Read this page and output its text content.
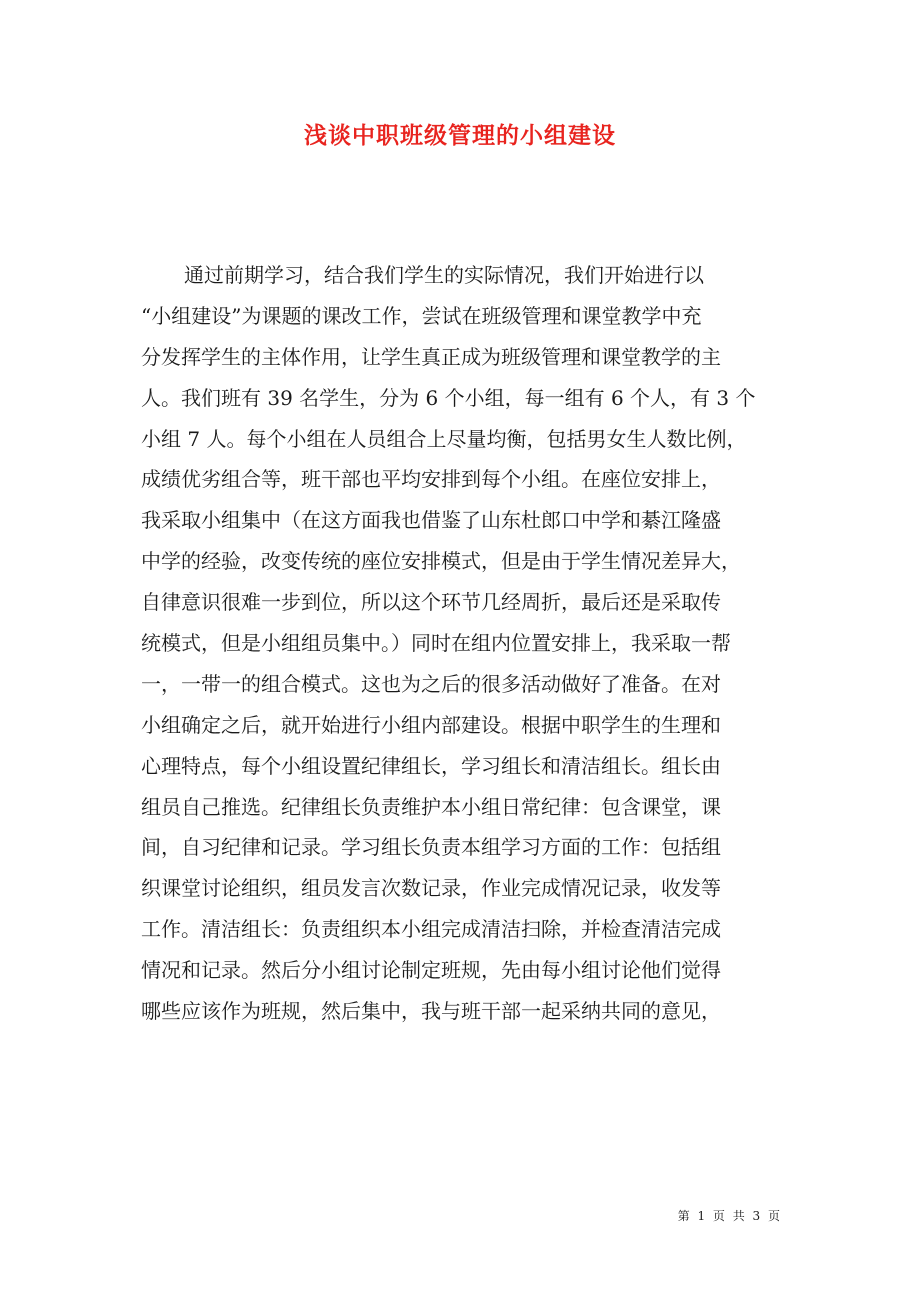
浅谈中职班级管理的小组建设
通过前期学习，结合我们学生的实际情况，我们开始进行以
“小组建设”为课题的课改工作，尝试在班级管理和课堂教学中充
分发挥学生的主体作用，让学生真正成为班级管理和课堂教学的主
人。我们班有 39 名学生，分为 6 个小组，每一组有 6 个人，有 3 个
小组 7 人。每个小组在人员组合上尽量均衡，包括男女生人数比例，
成绩优劣组合等，班干部也平均安排到每个小组。在座位安排上，
我采取小组集中（在这方面我也借鉴了山东杜郎口中学和綦江隆盛
中学的经验，改变传统的座位安排模式，但是由于学生情况差异大，
自律意识很难一步到位，所以这个环节几经周折，最后还是采取传
统模式，但是小组组员集中。）同时在组内位置安排上，我采取一帮
一，一带一的组合模式。这也为之后的很多活动做好了准备。在对
小组确定之后，就开始进行小组内部建设。根据中职学生的生理和
心理特点，每个小组设置纪律组长，学习组长和清洁组长。组长由
组员自己推选。纪律组长负责维护本小组日常纪律：包含课堂，课
间，自习纪律和记录。学习组长负责本组学习方面的工作：包括组
织课堂讨论组织，组员发言次数记录，作业完成情况记录，收发等
工作。清洁组长：负责组织本小组完成清洁扫除，并检查清洁完成
情况和记录。然后分小组讨论制定班规，先由每小组讨论他们觉得
哪些应该作为班规，然后集中，我与班干部一起采纳共同的意见，
第 1 页 共 3 页
